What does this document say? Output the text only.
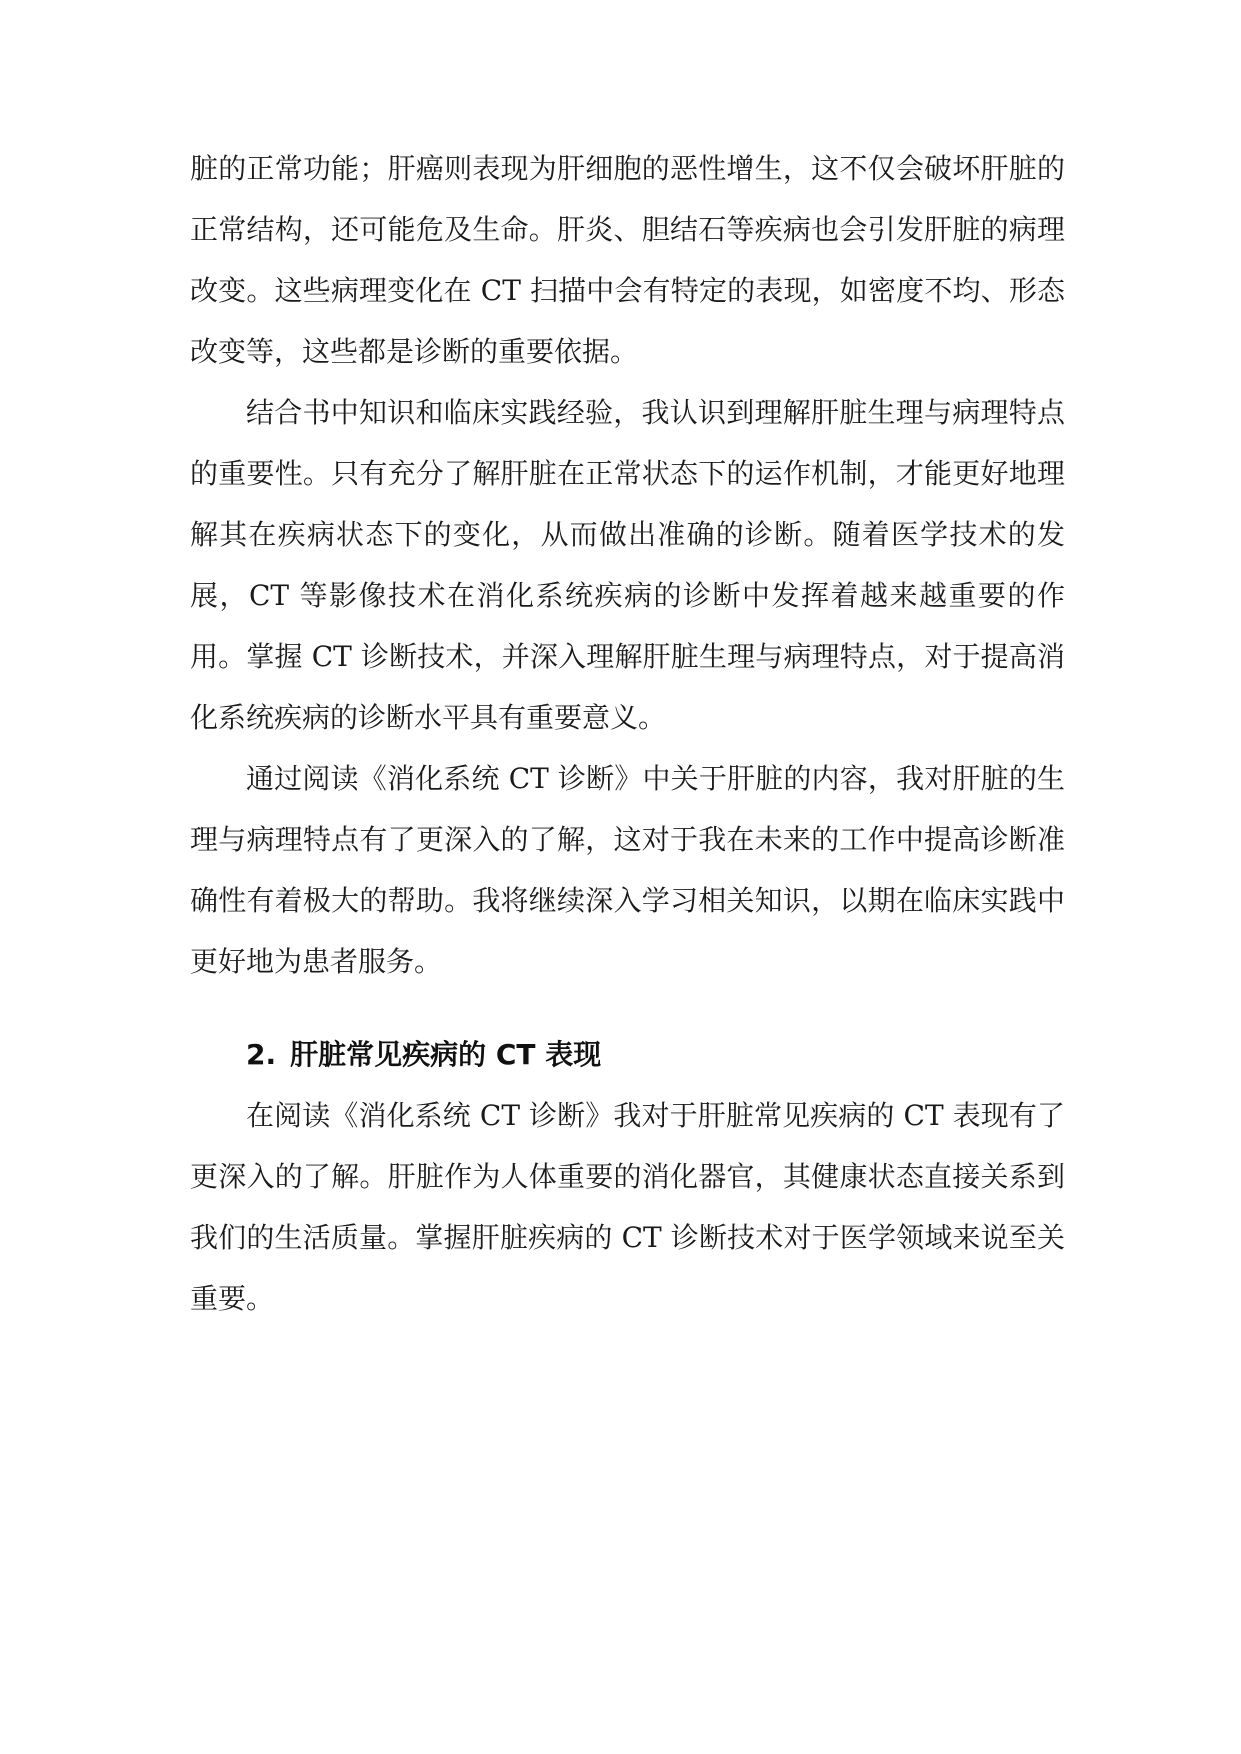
脏的正常功能；肝癌则表现为肝细胞的恶性增生，这不仅会破坏肝脏的正常结构，还可能危及生命。肝炎、胆结石等疾病也会引发肝脏的病理改变。这些病理变化在 CT 扫描中会有特定的表现，如密度不均、形态改变等，这些都是诊断的重要依据。

结合书中知识和临床实践经验，我认识到理解肝脏生理与病理特点的重要性。只有充分了解肝脏在正常状态下的运作机制，才能更好地理解其在疾病状态下的变化，从而做出准确的诊断。随着医学技术的发展，CT 等影像技术在消化系统疾病的诊断中发挥着越来越重要的作用。掌握 CT 诊断技术，并深入理解肝脏生理与病理特点，对于提高消化系统疾病的诊断水平具有重要意义。

通过阅读《消化系统 CT 诊断》中关于肝脏的内容，我对肝脏的生理与病理特点有了更深入的了解，这对于我在未来的工作中提高诊断准确性有着极大的帮助。我将继续深入学习相关知识，以期在临床实践中更好地为患者服务。

2. 肝脏常见疾病的 CT 表现

在阅读《消化系统 CT 诊断》我对于肝脏常见疾病的 CT 表现有了更深入的了解。肝脏作为人体重要的消化器官，其健康状态直接关系到我们的生活质量。掌握肝脏疾病的 CT 诊断技术对于医学领域来说至关重要。
